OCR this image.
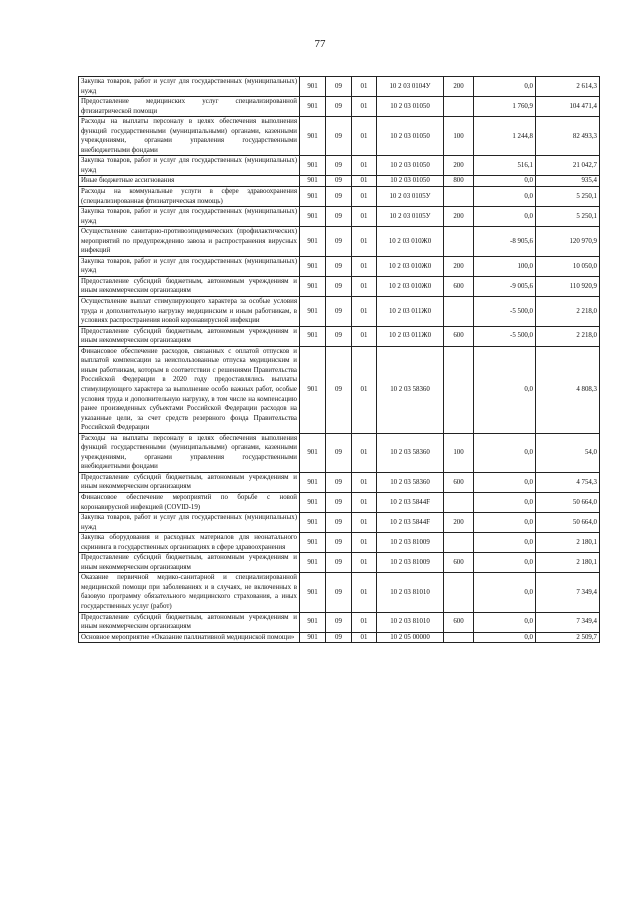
77
Закупка товаров, работ и услуг для государственных (муниципальных) нужд	901	09	01	10 2 03 0104У	200	0,0	2 614,3
Предоставление медицинских услуг специализированной фтизиатрической помощи	901	09	01	10 2 03 01050		1 760,9	104 471,4
Расходы на выплаты персоналу в целях обеспечения выполнения функций государственными (муниципальными) органами, казенными учреждениями, органами управления государственными внебюджетными фондами	901	09	01	10 2 03 01050	100	1 244,8	82 493,3
Закупка товаров, работ и услуг для государственных (муниципальных) нужд	901	09	01	10 2 03 01050	200	516,1	21 042,7
Иные бюджетные ассигнования	901	09	01	10 2 03 01050	800	0,0	935,4
Расходы на коммунальные услуги в сфере здравоохранения (специализированная фтизиатрическая помощь)	901	09	01	10 2 03 0105У		0,0	5 250,1
Закупка товаров, работ и услуг для государственных (муниципальных) нужд	901	09	01	10 2 03 0105У	200	0,0	5 250,1
Осуществление санитарно-противоэпидемических (профилактических) мероприятий по предупреждению завоза и распространения вирусных инфекций	901	09	01	10 2 03 010Ж0		-8 905,6	120 970,9
Закупка товаров, работ и услуг для государственных (муниципальных) нужд	901	09	01	10 2 03 010Ж0	200	100,0	10 050,0
Предоставление субсидий бюджетным, автономным учреждениям и иным некоммерческим организациям	901	09	01	10 2 03 010Ж0	600	-9 005,6	110 920,9
Осуществление выплат стимулирующего характера за особые условия труда и дополнительную нагрузку медицинским и иным работникам, в условиях распространения новой коронавирусной инфекции	901	09	01	10 2 03 011Ж0		-5 500,0	2 218,0
Предоставление субсидий бюджетным, автономным учреждениям и иным некоммерческим организациям	901	09	01	10 2 03 011Ж0	600	-5 500,0	2 218,0
Финансовое обеспечение расходов, связанных с оплатой отпусков и выплатой компенсации за неиспользованные отпуска медицинским и иным работникам, которым в соответствии с решениями Правительства Российской Федерации в 2020 году предоставлялись выплаты стимулирующего характера за выполнение особо важных работ, особые условия труда и дополнительную нагрузку, в том числе на компенсацию ранее произведенных субъектами Российской Федерации расходов на указанные цели, за счет средств резервного фонда Правительства Российской Федерации	901	09	01	10 2 03 58360		0,0	4 808,3
Расходы на выплаты персоналу в целях обеспечения выполнения функций государственными (муниципальными) органами, казенными учреждениями, органами управления государственными внебюджетными фондами	901	09	01	10 2 03 58360	100	0,0	54,0
Предоставление субсидий бюджетным, автономным учреждениям и иным некоммерческим организациям	901	09	01	10 2 03 58360	600	0,0	4 754,3
Финансовое обеспечение мероприятий по борьбе с новой коронавирусной инфекцией (COVID-19)	901	09	01	10 2 03 5844F		0,0	50 664,0
Закупка товаров, работ и услуг для государственных (муниципальных) нужд	901	09	01	10 2 03 5844F	200	0,0	50 664,0
Закупка оборудования и расходных материалов для неонатального скрининга в государственных организациях в сфере здравоохранения	901	09	01	10 2 03 81009		0,0	2 180,1
Предоставление субсидий бюджетным, автономным учреждениям и иным некоммерческим организациям	901	09	01	10 2 03 81009	600	0,0	2 180,1
Оказание первичной медико-санитарной и специализированной медицинской помощи при заболеваниях и в случаях, не включенных в базовую программу обязательного медицинского страхования, а иных государственных услуг (работ)	901	09	01	10 2 03 81010		0,0	7 349,4
Предоставление субсидий бюджетным, автономным учреждениям и иным некоммерческим организациям	901	09	01	10 2 03 81010	600	0,0	7 349,4
Основное мероприятие «Оказание паллиативной медицинской помощи»	901	09	01	10 2 05 00000		0,0	2 509,7
